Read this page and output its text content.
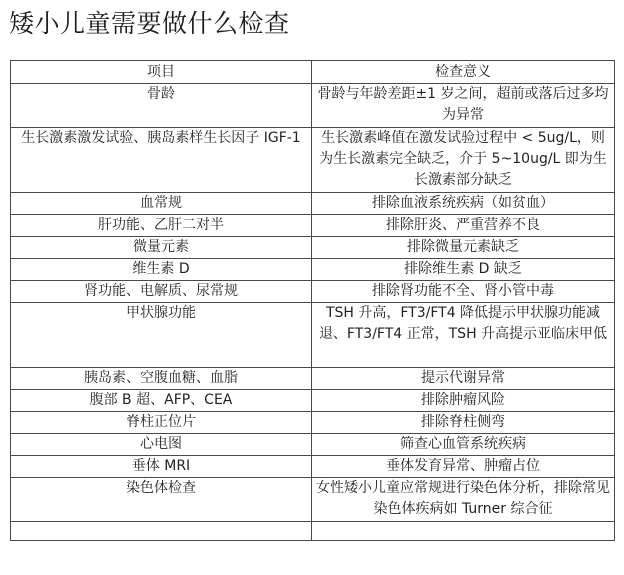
矮小儿童需要做什么检查
项目	检查意义
骨龄	骨龄与年龄差距±1 岁之间，超前或落后过多均为异常
生长激素激发试验、胰岛素样生长因子 IGF-1	生长激素峰值在激发试验过程中 < 5ug/L，则为生长激素完全缺乏，介于 5~10ug/L 即为生长激素部分缺乏
血常规	排除血液系统疾病（如贫血）
肝功能、乙肝二对半	排除肝炎、严重营养不良
微量元素	排除微量元素缺乏
维生素 D	排除维生素 D 缺乏
肾功能、电解质、尿常规	排除肾功能不全、肾小管中毒
甲状腺功能	TSH 升高，FT3/FT4 降低提示甲状腺功能减退、FT3/FT4 正常，TSH 升高提示亚临床甲低
胰岛素、空腹血糖、血脂	提示代谢异常
腹部 B 超、AFP、CEA	排除肿瘤风险
脊柱正位片	排除脊柱侧弯
心电图	筛查心血管系统疾病
垂体 MRI	垂体发育异常、肿瘤占位
染色体检查	女性矮小儿童应常规进行染色体分析，排除常见染色体疾病如 Turner 综合征
